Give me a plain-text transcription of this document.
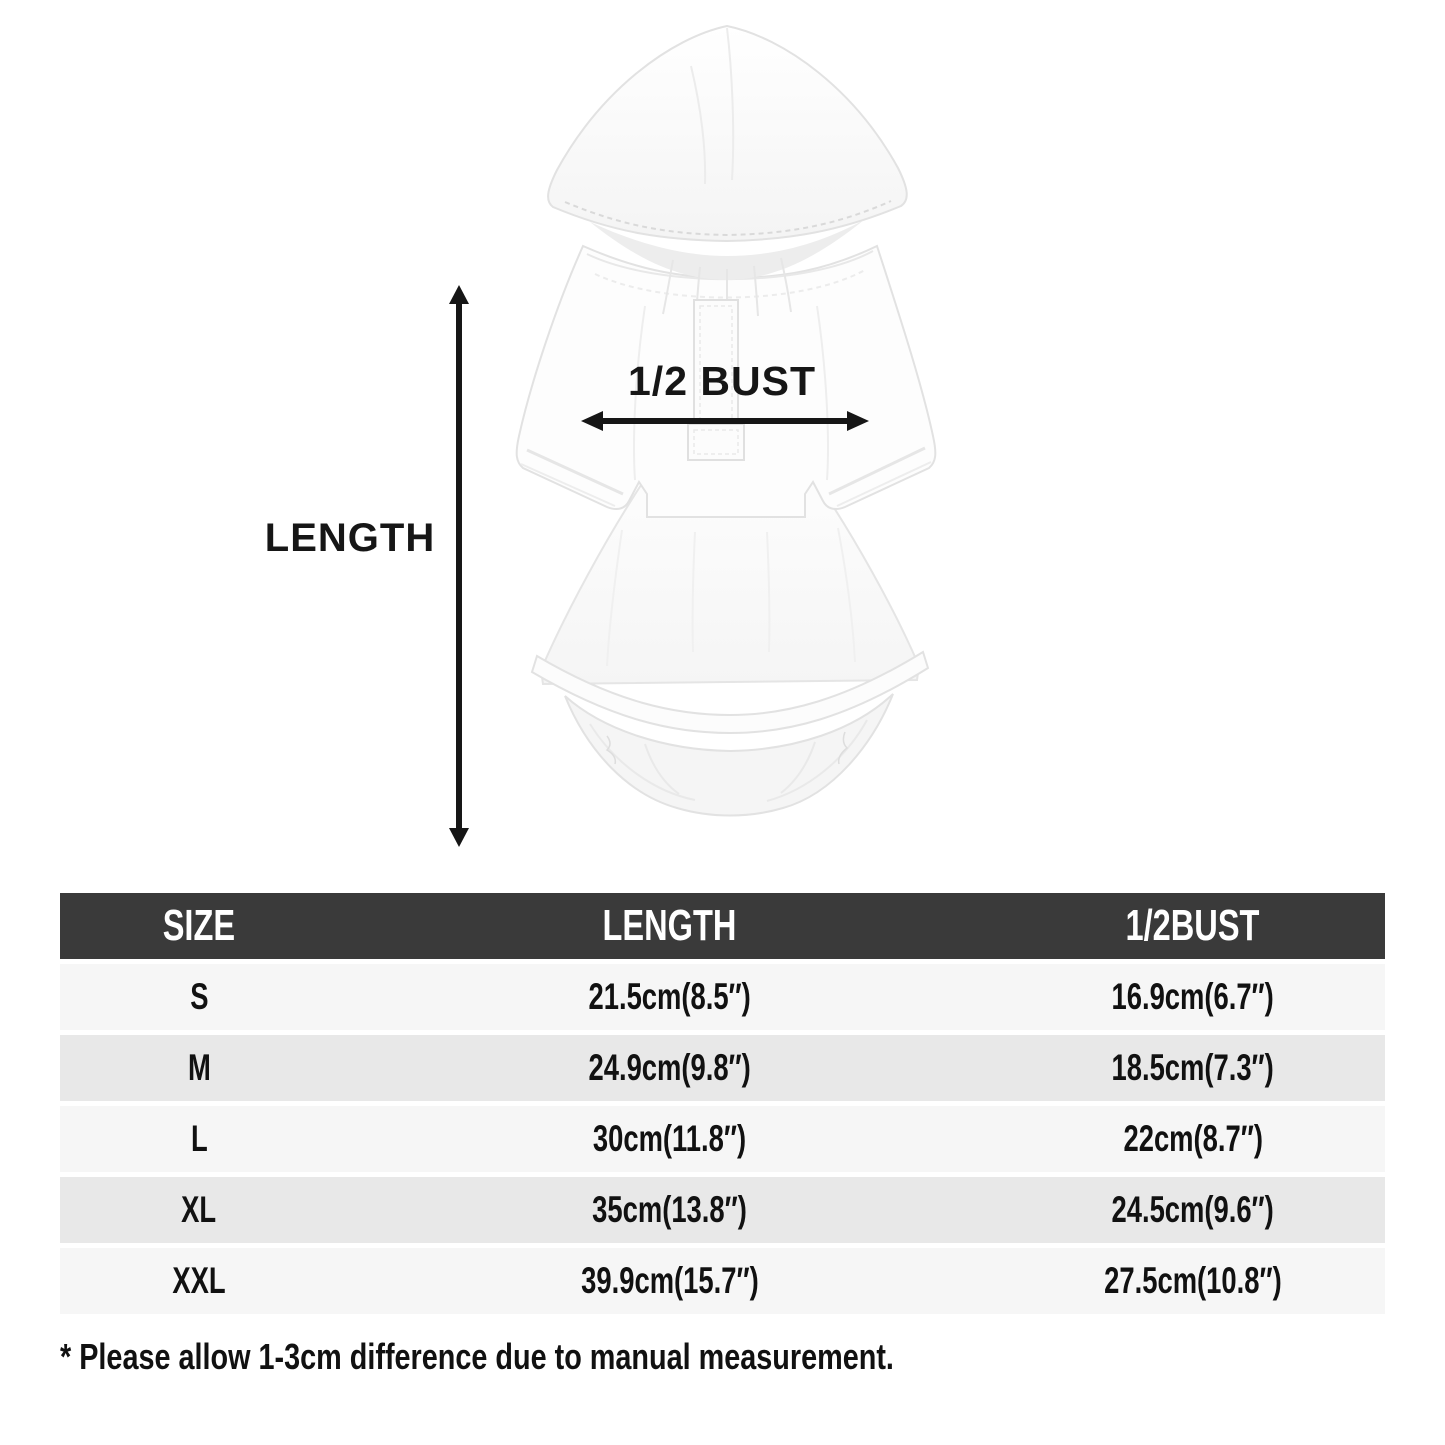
LENGTH
1/2 BUST
SIZE	LENGTH	1/2BUST
S	21.5cm(8.5″)	16.9cm(6.7″)
M	24.9cm(9.8″)	18.5cm(7.3″)
L	30cm(11.8″)	22cm(8.7″)
XL	35cm(13.8″)	24.5cm(9.6″)
XXL	39.9cm(15.7″)	27.5cm(10.8″)
* Please allow 1-3cm difference due to manual measurement.
